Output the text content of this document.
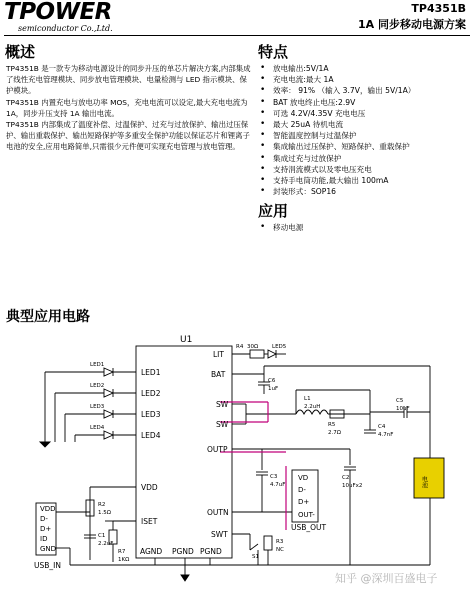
TPOWER
semiconductor Co.,Ltd.
TP4351B
1A 同步移动电源方案
概述

TP4351B 是一款专为移动电源设计的同步升压的单芯片解决方案,内部集成了线性充电管理模块、同步放电管理模块、电量检测与 LED 指示模块、保护模块。

TP4351B 内置充电与放电功率 MOS，充电电流可以设定,最大充电电流为 1A，同步升压支持 1A 输出电流。

TP4351B 内部集成了温度补偿、过温保护、过充与过放保护、输出过压保护、输出重载保护、输出短路保护等多重安全保护功能以保证芯片和锂离子电池的安全,应用电路简单,只需很少元件便可实现充电管理与放电管理。

特点
• 放电输出:5V/1A
• 充电电流:最大 1A
• 效率： 91% （输入 3.7V，输出 5V/1A）
• BAT 放电终止电压:2.9V
• 可选 4.2V/4.35V 充电电压
• 最大 25uA 待机电流
• 智能温度控制与过温保护
• 集成输出过压保护、短路保护、重载保护
• 集成过充与过放保护
• 支持涓流模式以及零电压充电
• 支持手电筒功能,最大输出 100mA
• 封装形式：SOP16
应用
• 移动电源
典型应用电路
U1
LED1
LED2
LED3
LED4
VDD
ISET
LIT
BAT
SW
SW
OUTP
OUTN
SWT
AGND PGND PGND
LED1
LED2
LED3
LED4
VDD
D-
D+
ID
GND
USB_IN
VD
D-
D+
OUT-
USB_OUT
R4 30Ω	LED5
C6
1uF
L1
2.2uH
C5
10uF
R5
2.7Ω
C4
4.7nF
C3
4.7uF
C2
10uFx2
R2
1.5Ω
C1
2.2uF
R7
1KΩ	S1
R3
NC
电池
知乎 @深圳百盛电子
